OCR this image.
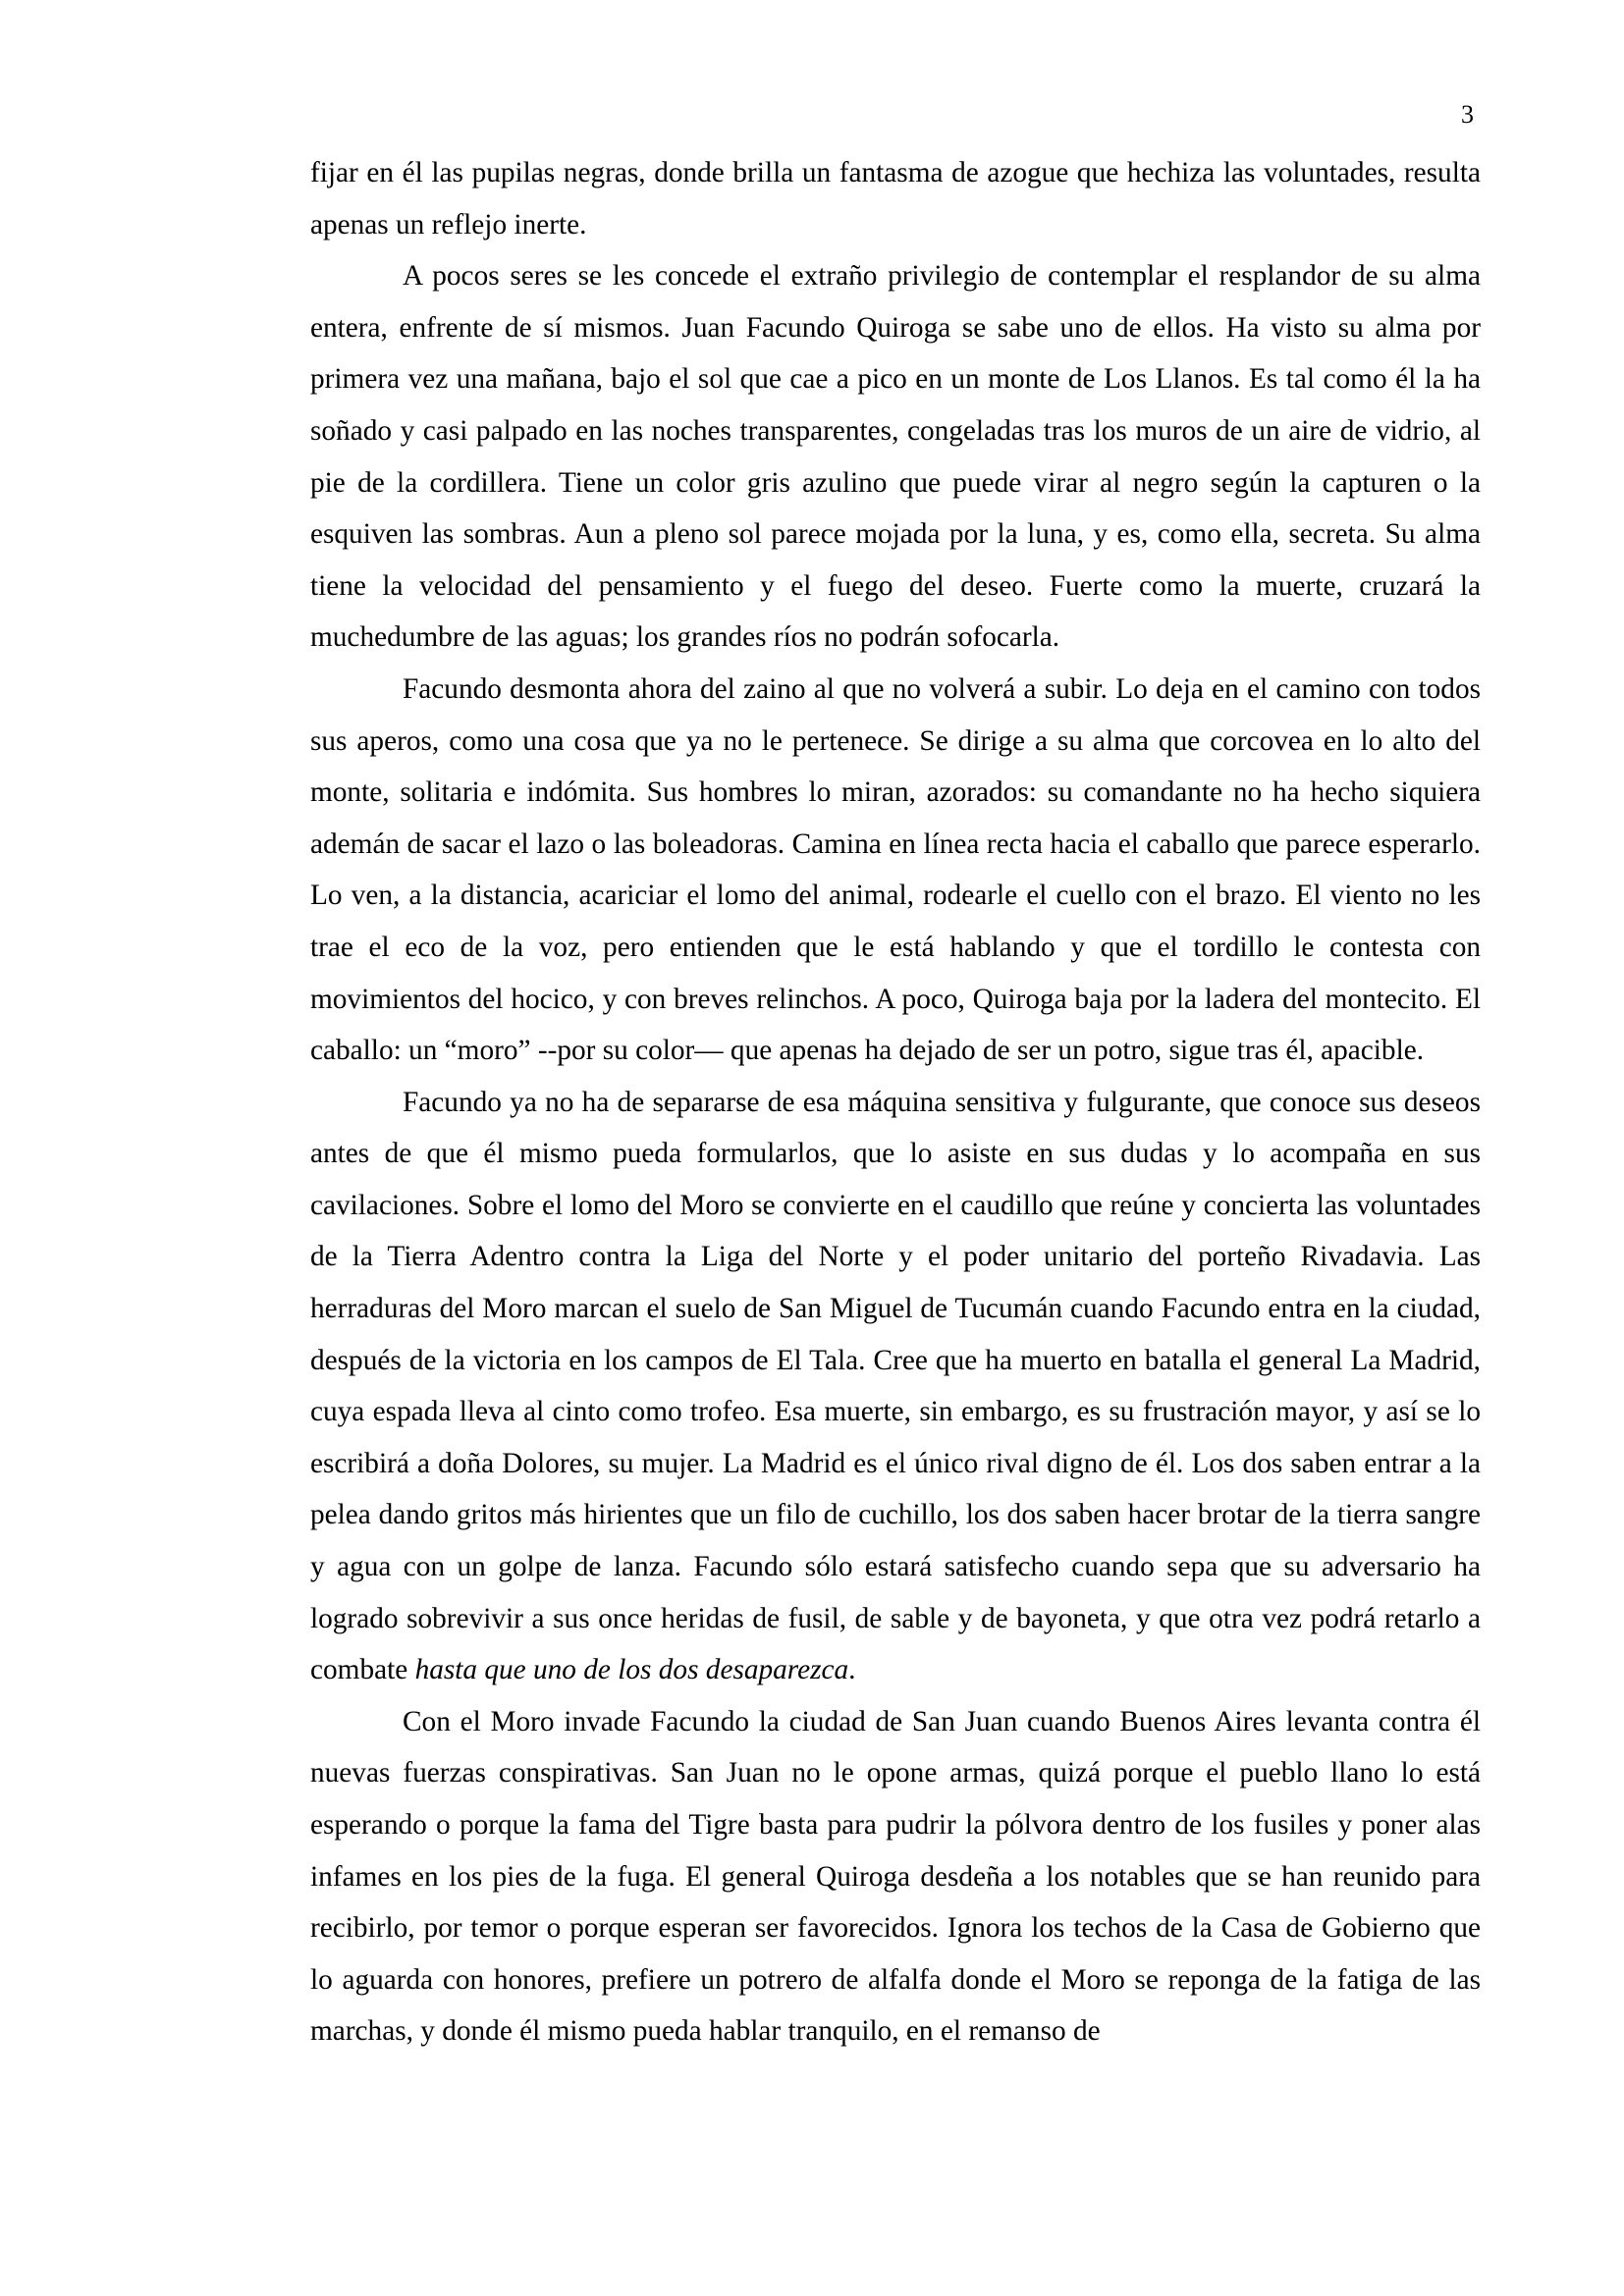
3

fijar en él las pupilas negras, donde brilla un fantasma de azogue que hechiza las voluntades, resulta apenas un reflejo inerte.

A pocos seres se les concede el extraño privilegio de contemplar el resplandor de su alma entera, enfrente de sí mismos. Juan Facundo Quiroga se sabe uno de ellos. Ha visto su alma por primera vez una mañana, bajo el sol que cae a pico en un monte de Los Llanos. Es tal como él la ha soñado y casi palpado en las noches transparentes, congeladas tras los muros de un aire de vidrio, al pie de la cordillera. Tiene un color gris azulino que puede virar al negro según la capturen o la esquiven las sombras. Aun a pleno sol parece mojada por la luna, y es, como ella, secreta. Su alma tiene la velocidad del pensamiento y el fuego del deseo. Fuerte como la muerte, cruzará la muchedumbre de las aguas; los grandes ríos no podrán sofocarla.

Facundo desmonta ahora del zaino al que no volverá a subir. Lo deja en el camino con todos sus aperos, como una cosa que ya no le pertenece. Se dirige a su alma que corcovea en lo alto del monte, solitaria e indómita. Sus hombres lo miran, azorados: su comandante no ha hecho siquiera ademán de sacar el lazo o las boleadoras. Camina en línea recta hacia el caballo que parece esperarlo. Lo ven, a la distancia, acariciar el lomo del animal, rodearle el cuello con el brazo. El viento no les trae el eco de la voz, pero entienden que le está hablando y que el tordillo le contesta con movimientos del hocico, y con breves relinchos. A poco, Quiroga baja por la ladera del montecito. El caballo: un “moro” --por su color— que apenas ha dejado de ser un potro, sigue tras él, apacible.

Facundo ya no ha de separarse de esa máquina sensitiva y fulgurante, que conoce sus deseos antes de que él mismo pueda formularlos, que lo asiste en sus dudas y lo acompaña en sus cavilaciones. Sobre el lomo del Moro se convierte en el caudillo que reúne y concierta las voluntades de la Tierra Adentro contra la Liga del Norte y el poder unitario del porteño Rivadavia. Las herraduras del Moro marcan el suelo de San Miguel de Tucumán cuando Facundo entra en la ciudad, después de la victoria en los campos de El Tala. Cree que ha muerto en batalla el general La Madrid, cuya espada lleva al cinto como trofeo. Esa muerte, sin embargo, es su frustración mayor, y así se lo escribirá a doña Dolores, su mujer. La Madrid es el único rival digno de él. Los dos saben entrar a la pelea dando gritos más hirientes que un filo de cuchillo, los dos saben hacer brotar de la tierra sangre y agua con un golpe de lanza. Facundo sólo estará satisfecho cuando sepa que su adversario ha logrado sobrevivir a sus once heridas de fusil, de sable y de bayoneta, y que otra vez podrá retarlo a combate hasta que uno de los dos desaparezca.

Con el Moro invade Facundo la ciudad de San Juan cuando Buenos Aires levanta contra él nuevas fuerzas conspirativas. San Juan no le opone armas, quizá porque el pueblo llano lo está esperando o porque la fama del Tigre basta para pudrir la pólvora dentro de los fusiles y poner alas infames en los pies de la fuga. El general Quiroga desdeña a los notables que se han reunido para recibirlo, por temor o porque esperan ser favorecidos. Ignora los techos de la Casa de Gobierno que lo aguarda con honores, prefiere un potrero de alfalfa donde el Moro se reponga de la fatiga de las marchas, y donde él mismo pueda hablar tranquilo, en el remanso de
